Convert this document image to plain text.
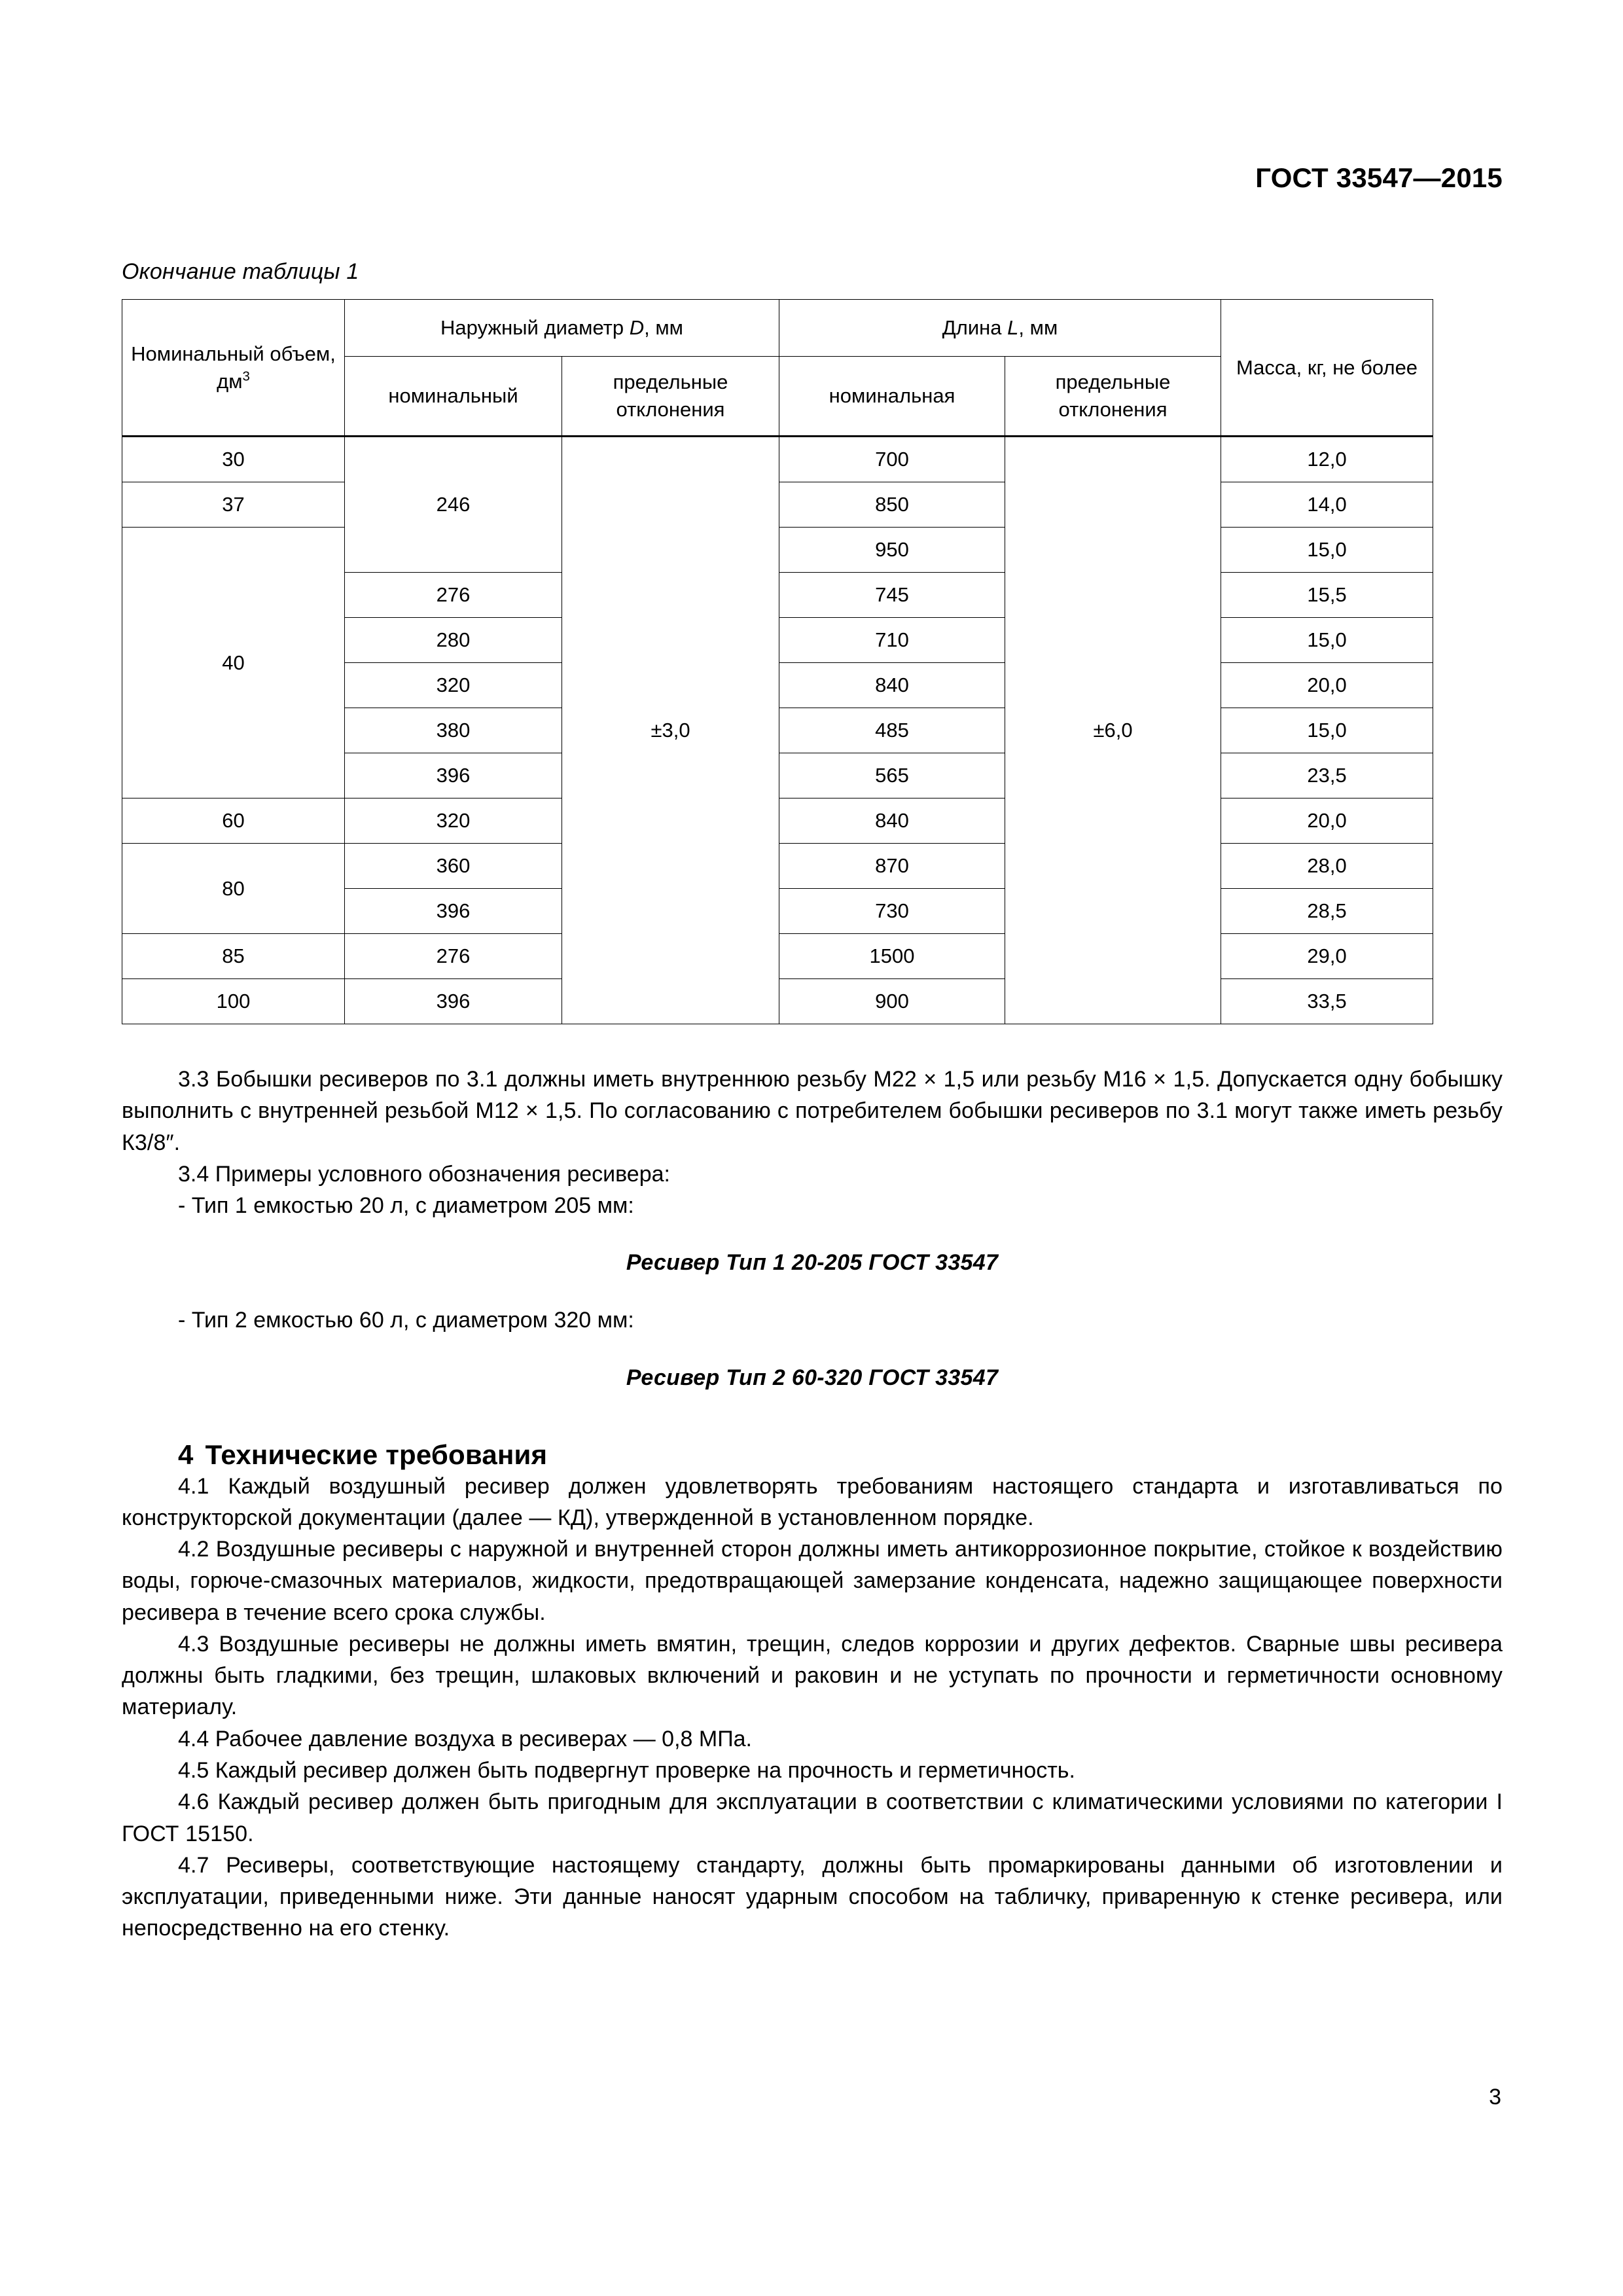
ГОСТ 33547—2015
Окончание таблицы 1
Номинальный объем, $дм^3$	Наружный диаметр D, мм		Длина L, мм		Масса, кг, не более
	номинальный	предельные отклонения	номинальная	предельные отклонения	
30	246	±3,0	700	±6,0	12,0
37			850		14,0
40			950		15,0
	276		745		15,5
	280		710		15,0
	320		840		20,0
	380		485		15,0
	396		565		23,5
60	320		840		20,0
80	360		870		28,0
	396		730		28,5
85	276		1500		29,0
100	396		900		33,5

3.3 Бобышки ресиверов по 3.1 должны иметь внутреннюю резьбу М22 × 1,5 или резьбу М16 × 1,5. Допускается одну бобышку выполнить с внутренней резьбой М12 × 1,5. По согласованию с потребителем бобышки ресиверов по 3.1 могут также иметь резьбу К3/8″.

3.4 Примеры условного обозначения ресивера:

- Тип 1 емкостью 20 л, с диаметром 205 мм:

Ресивер Тип 1 20-205 ГОСТ 33547

- Тип 2 емкостью 60 л, с диаметром 320 мм:

Ресивер Тип 2 60-320 ГОСТ 33547

4 Технические требования

4.1 Каждый воздушный ресивер должен удовлетворять требованиям настоящего стандарта и изготавливаться по конструкторской документации (далее — КД), утвержденной в установленном порядке.

4.2 Воздушные ресиверы с наружной и внутренней сторон должны иметь антикоррозионное покрытие, стойкое к воздействию воды, горюче-смазочных материалов, жидкости, предотвращающей замерзание конденсата, надежно защищающее поверхности ресивера в течение всего срока службы.

4.3 Воздушные ресиверы не должны иметь вмятин, трещин, следов коррозии и других дефектов. Сварные швы ресивера должны быть гладкими, без трещин, шлаковых включений и раковин и не уступать по прочности и герметичности основному материалу.

4.4 Рабочее давление воздуха в ресиверах — 0,8 МПа.

4.5 Каждый ресивер должен быть подвергнут проверке на прочность и герметичность.

4.6 Каждый ресивер должен быть пригодным для эксплуатации в соответствии с климатическими условиями по категории I ГОСТ 15150.

4.7 Ресиверы, соответствующие настоящему стандарту, должны быть промаркированы данными об изготовлении и эксплуатации, приведенными ниже. Эти данные наносят ударным способом на табличку, приваренную к стенке ресивера, или непосредственно на его стенку.

3
